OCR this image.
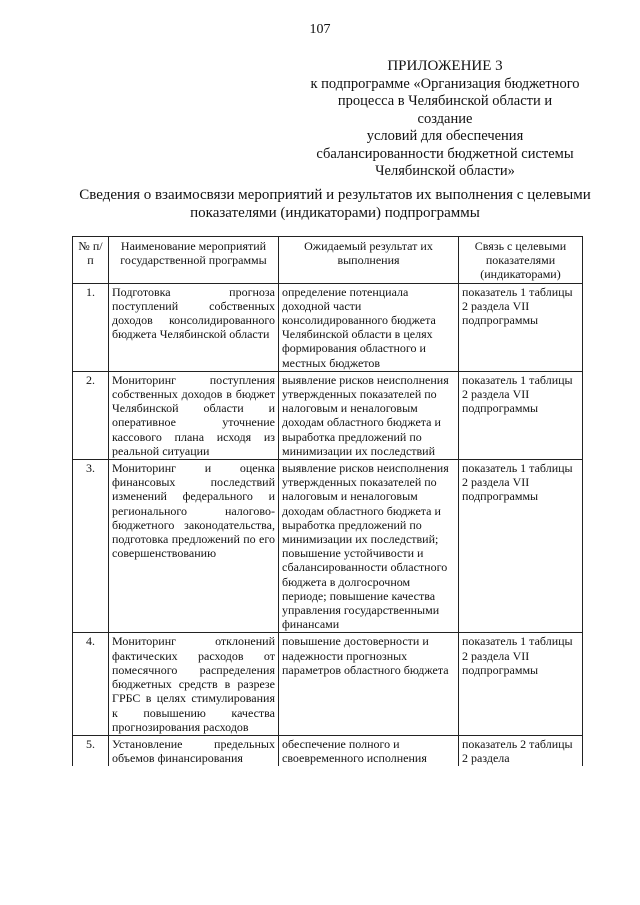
107
ПРИЛОЖЕНИЕ 3
к подпрограмме «Организация бюджетного
процесса в Челябинской области и создание
условий для обеспечения
сбалансированности бюджетной системы
Челябинской области»
Сведения о взаимосвязи мероприятий и результатов их выполнения с целевыми
показателями (индикаторами) подпрограммы
№ п/п	Наименование мероприятий государственной программы	Ожидаемый результат их выполнения	Связь с целевыми показателями (индикаторами)
1.	Подготовка прогноза поступлений собственных доходов консолидированного бюджета Челябинской области	определение потенциала доходной части консолидированного бюджета Челябинской области в целях формирования областного и местных бюджетов	показатель 1 таблицы 2 раздела VII подпрограммы
2.	Мониторинг поступления собственных доходов в бюджет Челябинской области и оперативное уточнение кассового плана исходя из реальной ситуации	выявление рисков неисполнения утвержденных показателей по налоговым и неналоговым доходам областного бюджета и выработка предложений по минимизации их последствий	показатель 1 таблицы 2 раздела VII подпрограммы
3.	Мониторинг и оценка финансовых последствий изменений федерального и регионального налогово-бюджетного законодательства, подготовка предложений по его совершенствованию	выявление рисков неисполнения утвержденных показателей по налоговым и неналоговым доходам областного бюджета и выработка предложений по минимизации их последствий; повышение устойчивости и сбалансированности областного бюджета в долгосрочном периоде; повышение качества управления государственными финансами	показатель 1 таблицы 2 раздела VII подпрограммы
4.	Мониторинг отклонений фактических расходов от помесячного распределения бюджетных средств в разрезе ГРБС в целях стимулирования к повышению качества прогнозирования расходов	повышение достоверности и надежности прогнозных параметров областного бюджета	показатель 1 таблицы 2 раздела VII подпрограммы
5.	Установление предельных объемов финансирования	обеспечение полного и своевременного исполнения	показатель 2 таблицы 2 раздела
